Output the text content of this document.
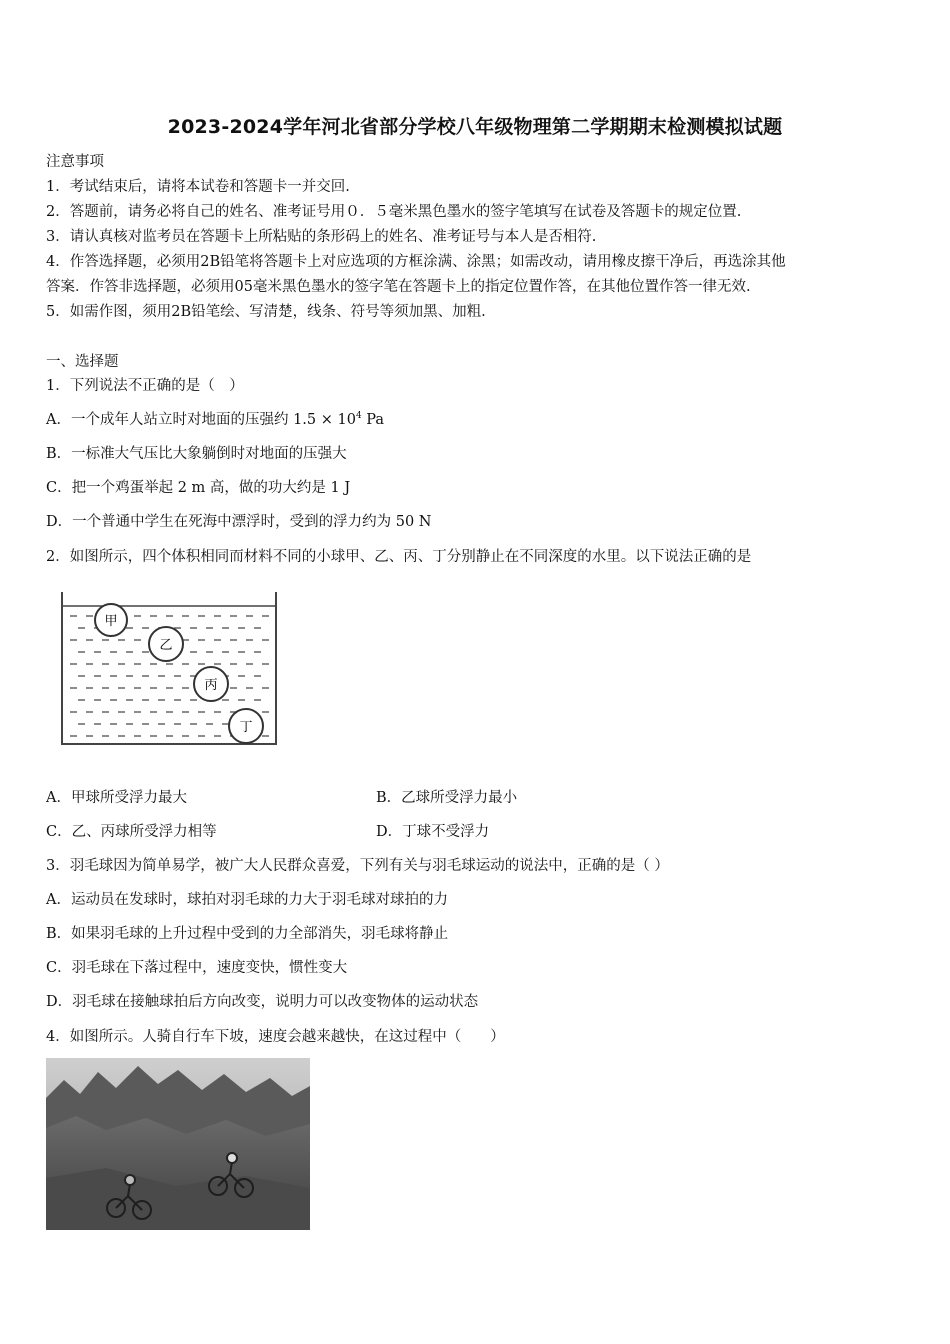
2023-2024学年河北省部分学校八年级物理第二学期期末检测模拟试题
注意事项
1．考试结束后，请将本试卷和答题卡一并交回.
2．答题前，请务必将自己的姓名、准考证号用０．５毫米黑色墨水的签字笔填写在试卷及答题卡的规定位置.
3．请认真核对监考员在答题卡上所粘贴的条形码上的姓名、准考证号与本人是否相符.
4．作答选择题，必须用2B铅笔将答题卡上对应选项的方框涂满、涂黑；如需改动，请用橡皮擦干净后，再选涂其他
答案．作答非选择题，必须用05毫米黑色墨水的签字笔在答题卡上的指定位置作答，在其他位置作答一律无效.
5．如需作图，须用2B铅笔绘、写清楚，线条、符号等须加黑、加粗.
一、选择题
1．下列说法不正确的是（　）
A．一个成年人站立时对地面的压强约 $1.5 \times 10^4$ Pa
B．一标准大气压比大象躺倒时对地面的压强大
C．把一个鸡蛋举起 2 m 高，做的功大约是 1 J
D．一个普通中学生在死海中漂浮时，受到的浮力约为 50 N
2．如图所示，四个体积相同而材料不同的小球甲、乙、丙、丁分别静止在不同深度的水里。以下说法正确的是
甲
乙
丙
丁
A．甲球所受浮力最大	B．乙球所受浮力最小
C．乙、丙球所受浮力相等	D．丁球不受浮力
3．羽毛球因为简单易学，被广大人民群众喜爱，下列有关与羽毛球运动的说法中，正确的是（ ）
A．运动员在发球时，球拍对羽毛球的力大于羽毛球对球拍的力
B．如果羽毛球的上升过程中受到的力全部消失，羽毛球将静止
C．羽毛球在下落过程中，速度变快，惯性变大
D．羽毛球在接触球拍后方向改变，说明力可以改变物体的运动状态
4．如图所示。人骑自行车下坡，速度会越来越快，在这过程中（　　）
